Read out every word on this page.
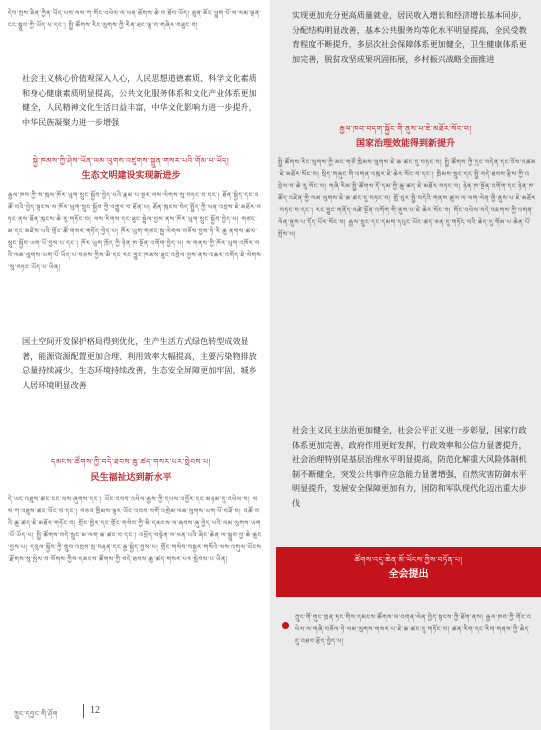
དེབ་ཀྲས་ཟིན་ཀྱིན་ཡོད་པས་ལས་ཀ་གོང་འཕེལ་ལ་ཕན་ཐོགས་ཆེ་བ་ཐོབ་ཡོད། ཐུན་མོང་ཕྱུག་པོ་ལ་ལམ་ལྡན་ངང་སྒྲུབ་ཀྱི་ཡོད་པ་དང་། སྤྱི་ཚོགས་རིང་ལུགས་ཀྱི་རིན་ཐང་ལྟ་བ་གཞིར་བཟུང་བ།
社会主义核心价值观深入人心，人民思想道德素质、科学文化素质和身心健康素质明显提高，公共文化服务体系和文化产业体系更加健全，人民精神文化生活日益丰富，中华文化影响力进一步提升，中华民族凝聚力进一步增强
སྐྱེ་ཁམས་ཀྱི་ཤེས་ཡོན་ལམ་ལུགས་འཛུགས་སྐྲུན་གསར་པའི་གོམ་པ་ཡོད།
生态文明建设实现新进步
རྒྱལ་ཁབ་ཀྱི་ས་ཁུལ་ཁོར་ཡུག་སྲུང་སྐྱོབ་བྱེད་པའི་རྣམ་པ་སྔར་ལས་ལེགས་སུ་བཏང་བ་དང་། ཐོན་སྐྱེད་དང་འཚོ་བའི་བྱེད་སྟངས་ལ་ཁོར་ཡུག་སྲུང་སྐྱོབ་ཀྱི་འགྱུར་བ་ཐོན་པ། ཐོན་ཁུངས་བེད་སྤྱོད་ཀྱི་ཕན་འབྲས་ཇེ་མཐོར་བཏང་ནས་ཐོན་ཁུངས་ཆེ་རུ་གཏོང་བ། ལས་རིགས་དང་ཟུང་སྦྲེལ་བྱས་ནས་ཁོར་ཡུག་སྲུང་སྐྱོབ་བྱེད་པ། གཙང་མ་དང་མཛེས་པའི་གྲོང་ཚོ་གསར་གཏོད་བྱེད་པ། ཁོར་ཡུག་གཙང་སྦྲ་ལེགས་བཅོས་བྱས་ཏེ་རི་ཆུ་ནགས་ཚལ་སྲུང་སྐྱོབ་ཡག་པོ་བྱས་པ་དང་། ཁོར་ཡུག་ཁྲོད་ཀྱི་ཉེན་ཁ་སྔོན་འགོག་བྱེད་པ། ས་གནས་ཀྱི་ཁོར་ཡུག་འཁོར་བའི་ལམ་ལུགས་ཡག་པོ་ཡོད་པ་བཅས་ཀྱིས་མི་དང་རང་བྱུང་ཁམས་ཟུང་འབྲེལ་བྱས་ནས་འཆར་འགོད་ཇེ་ལེགས་སུ་བཏང་ཡོད་པ་ཡིན།
国土空间开发保护格局得到优化，生产生活方式绿色转型成效显著，能源资源配置更加合理、利用效率大幅提高，主要污染物排放总量持续减少，生态环境持续改善，生态安全屏障更加牢固，城乡人居环境明显改善
དམངས་ཚོགས་ཀྱི་བདེ་ཐབས་ཆུ་ཚད་གསར་པར་སླེབས་པ།
民生福祉达到新水平
དེ་ཡང་འཐུས་ཚང་ངང་ལས་ཞུགས་དང་། ཡོང་འབབ་འཕེལ་རྒྱས་ཀྱི་དཔལ་འབྱོར་དང་མཉམ་དུ་འཕེལ་བ། ལས་ཀ་འཐུས་ཚང་ཡོང་བ་དང་། བཅའ་ཁྲིམས་ལྟར་ཡོང་འབབ་བགོ་འགྲེམ་ལམ་ལུགས་ཡག་པོ་བཟོ་བ། འཚོ་བའི་ཆུ་ཚད་ཇེ་མཐོར་གཏོང་བ། གྲོང་ཁྱེར་དང་གྲོང་གསེབ་ཀྱི་མི་དམངས་ལ་ཞབས་ཞུ་བྱེད་པའི་ལམ་ལུགས་ཡག་པོ་ཡོད་པ། སྤྱི་ཚོགས་བདེ་སྲུང་མ་ལག་ཆ་ཚང་བ་དང་། འཕྲོད་བསྟེན་ལ་ཕན་པའི་ཞིང་ཆེན་ལ་སྒྲུབ་བྱ་ཆེ་ཆུང་བྱས་པ། དབུལ་སྐྱོབ་ཀྱི་གྲུབ་འབྲས་སྲ་བརྟན་དང་རྒྱ་སྐྱེད་བྱས་པ། གྲོང་གསེབ་བསྐྱར་གསོའི་ལས་འགུལ་ཡོངས་རྫོགས་སུ་སྤེལ་བ་སོགས་ཀྱིས་དམངས་ཚོགས་ཀྱི་བདེ་ཐབས་ཆུ་ཚད་གསར་པར་སླེབས་པ་ཡིན།
实现更加充分更高质量就业，居民收入增长和经济增长基本同步，分配结构明显改善，基本公共服务均等化水平明显提高，全民受教育程度不断提升，多层次社会保障体系更加健全，卫生健康体系更加完善，脱贫攻坚成果巩固拓展，乡村振兴战略全面推进
རྒྱལ་ཁབ་བདག་སྐྱོང་གི་ནུས་པ་ཇེ་མཐོར་སོང་བ།
国家治理效能得到新提升
སྤྱི་ཚོགས་རིང་ལུགས་ཀྱི་མང་གཙོ་ཁྲིམས་ལུགས་ཇེ་ཆ་ཚང་དུ་བཏང་བ། སྤྱི་ཚོགས་ཀྱི་དྲང་བདེན་དང་འོས་འཚམ་ཇེ་མཐོར་སོང་བ། སྲིད་གཞུང་གི་འགན་འཁུར་ཇེ་ཆེར་སོང་བ་དང་། ཁྲིམས་སྲུང་དང་སྤྱི་བདེ་ཐབས་རྩིས་ཀྱི་འབྲེལ་བ་ཆེ་རུ་སོང་བ། གཞི་རིམ་སྤྱི་ཚོགས་དོ་དམ་གྱི་ཆུ་ཚད་ཇེ་མཐོར་བཏང་བ། ཉེན་ཁ་སྔོན་འགོག་དང་ཉེན་ཁ་ཚོད་འཛིན་གྱི་ལམ་ལུགས་ཇེ་ཆ་ཚང་དུ་བཏང་བ། གློ་བུར་སྤྱི་བདེའི་གནས་ཚུལ་ལ་ལག་ལེན་གྱི་ནུས་པ་ཇེ་མཐོར་བཏང་བ་དང་། རང་བྱུང་གནོད་འཚེ་སྔོན་འགོག་གི་ནུས་པ་ཇེ་ཆེར་སོང་བ། གོང་འཕེལ་བདེ་འཇགས་ཀྱི་འགན་ལེན་ནུས་པ་དོད་པོར་སོང་བ། རྒྱལ་སྲུང་དང་དམག་དཔུང་ཡོང་ཚད་ཅན་དུ་གཏོང་བའི་ཆེད་དུ་གོམ་པ་ཆེན་པོ་སྤོས་པ།
社会主义民主法治更加健全，社会公平正义进一步彰显，国家行政体系更加完善，政府作用更好发挥，行政效率和公信力显著提升，社会治理特别是基层治理水平明显提高，防范化解重大风险体制机制不断健全，突发公共事件应急能力显著增强，自然灾害防御水平明显提升，发展安全保障更加有力，国防和军队现代化迈出重大步伐
ཚོགས་འདུ་ཆེན་མོ་ཡོངས་ཀྱིས་བཏོན་པ།
全会提出
ཀྲུང་གོ་གུང་ཁྲན་ཏང་གིས་དམངས་ཚོགས་ལ་འགན་ལེན་བྱེད་སྟངས་ཀྱི་ཐོག་ནས། རྒྱལ་ཁབ་ཀྱི་གོང་འཕེལ་ལ་གཞི་བཅོལ་ཏེ་ལམ་ལུགས་གསར་པ་ཇེ་ཆ་ཚང་དུ་གཏོང་བ། ཚན་རིག་དང་རིག་གནས་ཀྱི་ཆེད་དུ་འཐབ་རྩོད་བྱེད་པ།
ཀྲུང་དབྱང་གི་ཤོག	12
